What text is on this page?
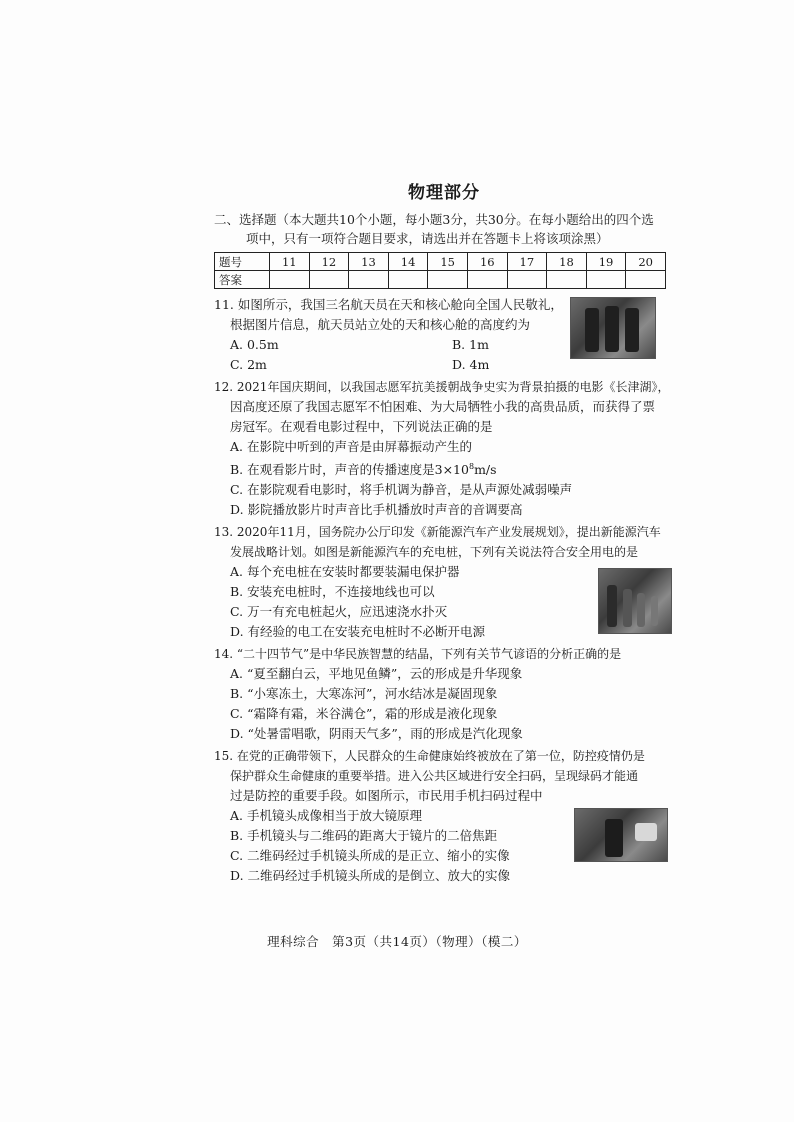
物理部分

二、选择题（本大题共10个小题，每小题3分，共30分。在每小题给出的四个选
项中，只有一项符合题目要求，请选出并在答题卡上将该项涂黑）

题号	11	12	13	14	15	16	17	18	19	20
答案										

11. 如图所示，我国三名航天员在天和核心舱向全国人民敬礼，

根据图片信息，航天员站立处的天和核心舱的高度约为

A. 0.5m	B. 1m
C. 2m	D. 4m

12. 2021年国庆期间，以我国志愿军抗美援朝战争史实为背景拍摄的电影《长津湖》，

因高度还原了我国志愿军不怕困难、为大局牺牲小我的高贵品质，而获得了票

房冠军。在观看电影过程中，下列说法正确的是

A. 在影院中听到的声音是由屏幕振动产生的

B. 在观看影片时，声音的传播速度是$3\times 10^8m/s$

C. 在影院观看电影时，将手机调为静音，是从声源处减弱噪声

D. 影院播放影片时声音比手机播放时声音的音调要高

13. 2020年11月，国务院办公厅印发《新能源汽车产业发展规划》，提出新能源汽车

发展战略计划。如图是新能源汽车的充电桩，下列有关说法符合安全用电的是

A. 每个充电桩在安装时都要装漏电保护器

B. 安装充电桩时，不连接地线也可以

C. 万一有充电桩起火，应迅速浇水扑灭

D. 有经验的电工在安装充电桩时不必断开电源

14. “二十四节气”是中华民族智慧的结晶，下列有关节气谚语的分析正确的是

A. “夏至翻白云，平地见鱼鳞”，云的形成是升华现象

B. “小寒冻土，大寒冻河”，河水结冰是凝固现象

C. “霜降有霜，米谷满仓”，霜的形成是液化现象

D. “处暑雷唱歌，阴雨天气多”，雨的形成是汽化现象

15. 在党的正确带领下，人民群众的生命健康始终被放在了第一位，防控疫情仍是

保护群众生命健康的重要举措。进入公共区域进行安全扫码，呈现绿码才能通

过是防控的重要手段。如图所示，市民用手机扫码过程中

A. 手机镜头成像相当于放大镜原理

B. 手机镜头与二维码的距离大于镜片的二倍焦距

C. 二维码经过手机镜头所成的是正立、缩小的实像

D. 二维码经过手机镜头所成的是倒立、放大的实像

理科综合　第3页（共14页）（物理）（模二）
